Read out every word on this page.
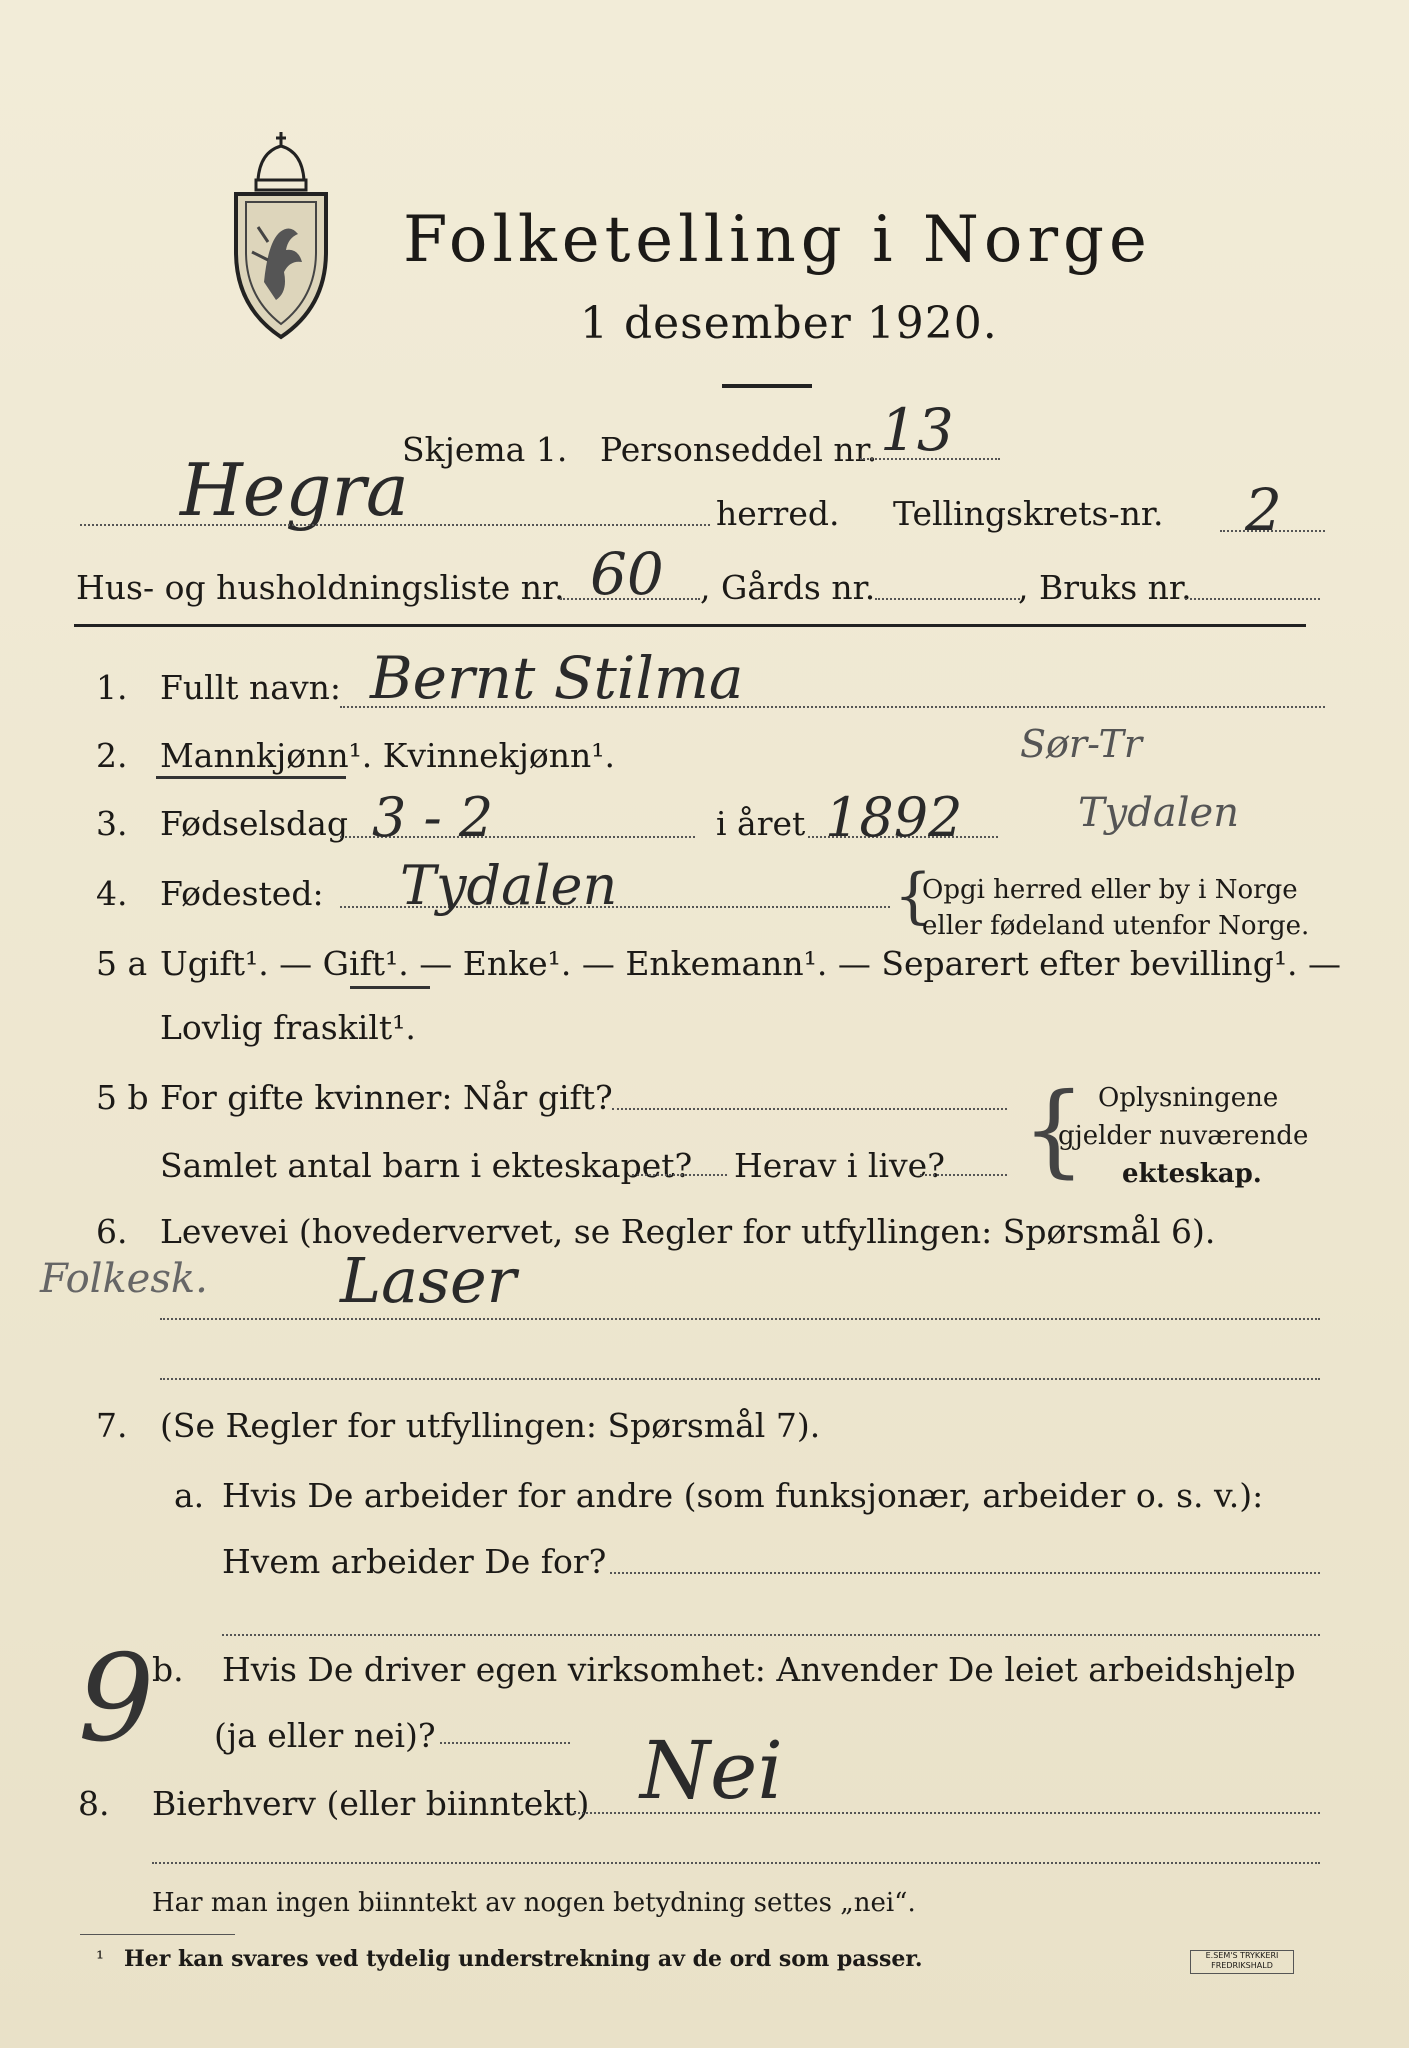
Folketelling i Norge
1 desember 1920.
Skjema 1. Personseddel nr. 13
Hegra	herred. Tellingskrets-nr. 2
Hus- og husholdningsliste nr. 60 , Gårds nr.	, Bruks nr.
1. Fullt navn: Bernt Stilma
2. Mannkjønn¹. Kvinnekjønn¹.	Sør-Tr
3. Fødselsdag 3 - 2	i året 1892	Tydalen
4. Fødested: Tydalen	{
Opgi herred eller by i Norge
eller fødeland utenfor Norge.
5 a Ugift¹. — Gift¹. — Enke¹. — Enkemann¹. — Separert efter bevilling¹. —
Lovlig fraskilt¹.
5 b For gifte kvinner: Når gift?
Samlet antal barn i ekteskapet? Herav i live? { Oplysningene
gjelder nuværende
ekteskap.
6. Levevei (hovedervervet, se Regler for utfyllingen: Spørsmål 6).
Folkesk. Laser
7. (Se Regler for utfyllingen: Spørsmål 7).
a. Hvis De arbeider for andre (som funksjonær, arbeider o. s. v.):
Hvem arbeider De for?
9
b. Hvis De driver egen virksomhet: Anvender De leiet arbeidshjelp
(ja eller nei)?
8. Bierhverv (eller biinntekt) Nei
Har man ingen biinntekt av nogen betydning settes „nei“.
¹ Her kan svares ved tydelig understrekning av de ord som passer.	E.SEM'S TRYKKERI FREDRIKSHALD
